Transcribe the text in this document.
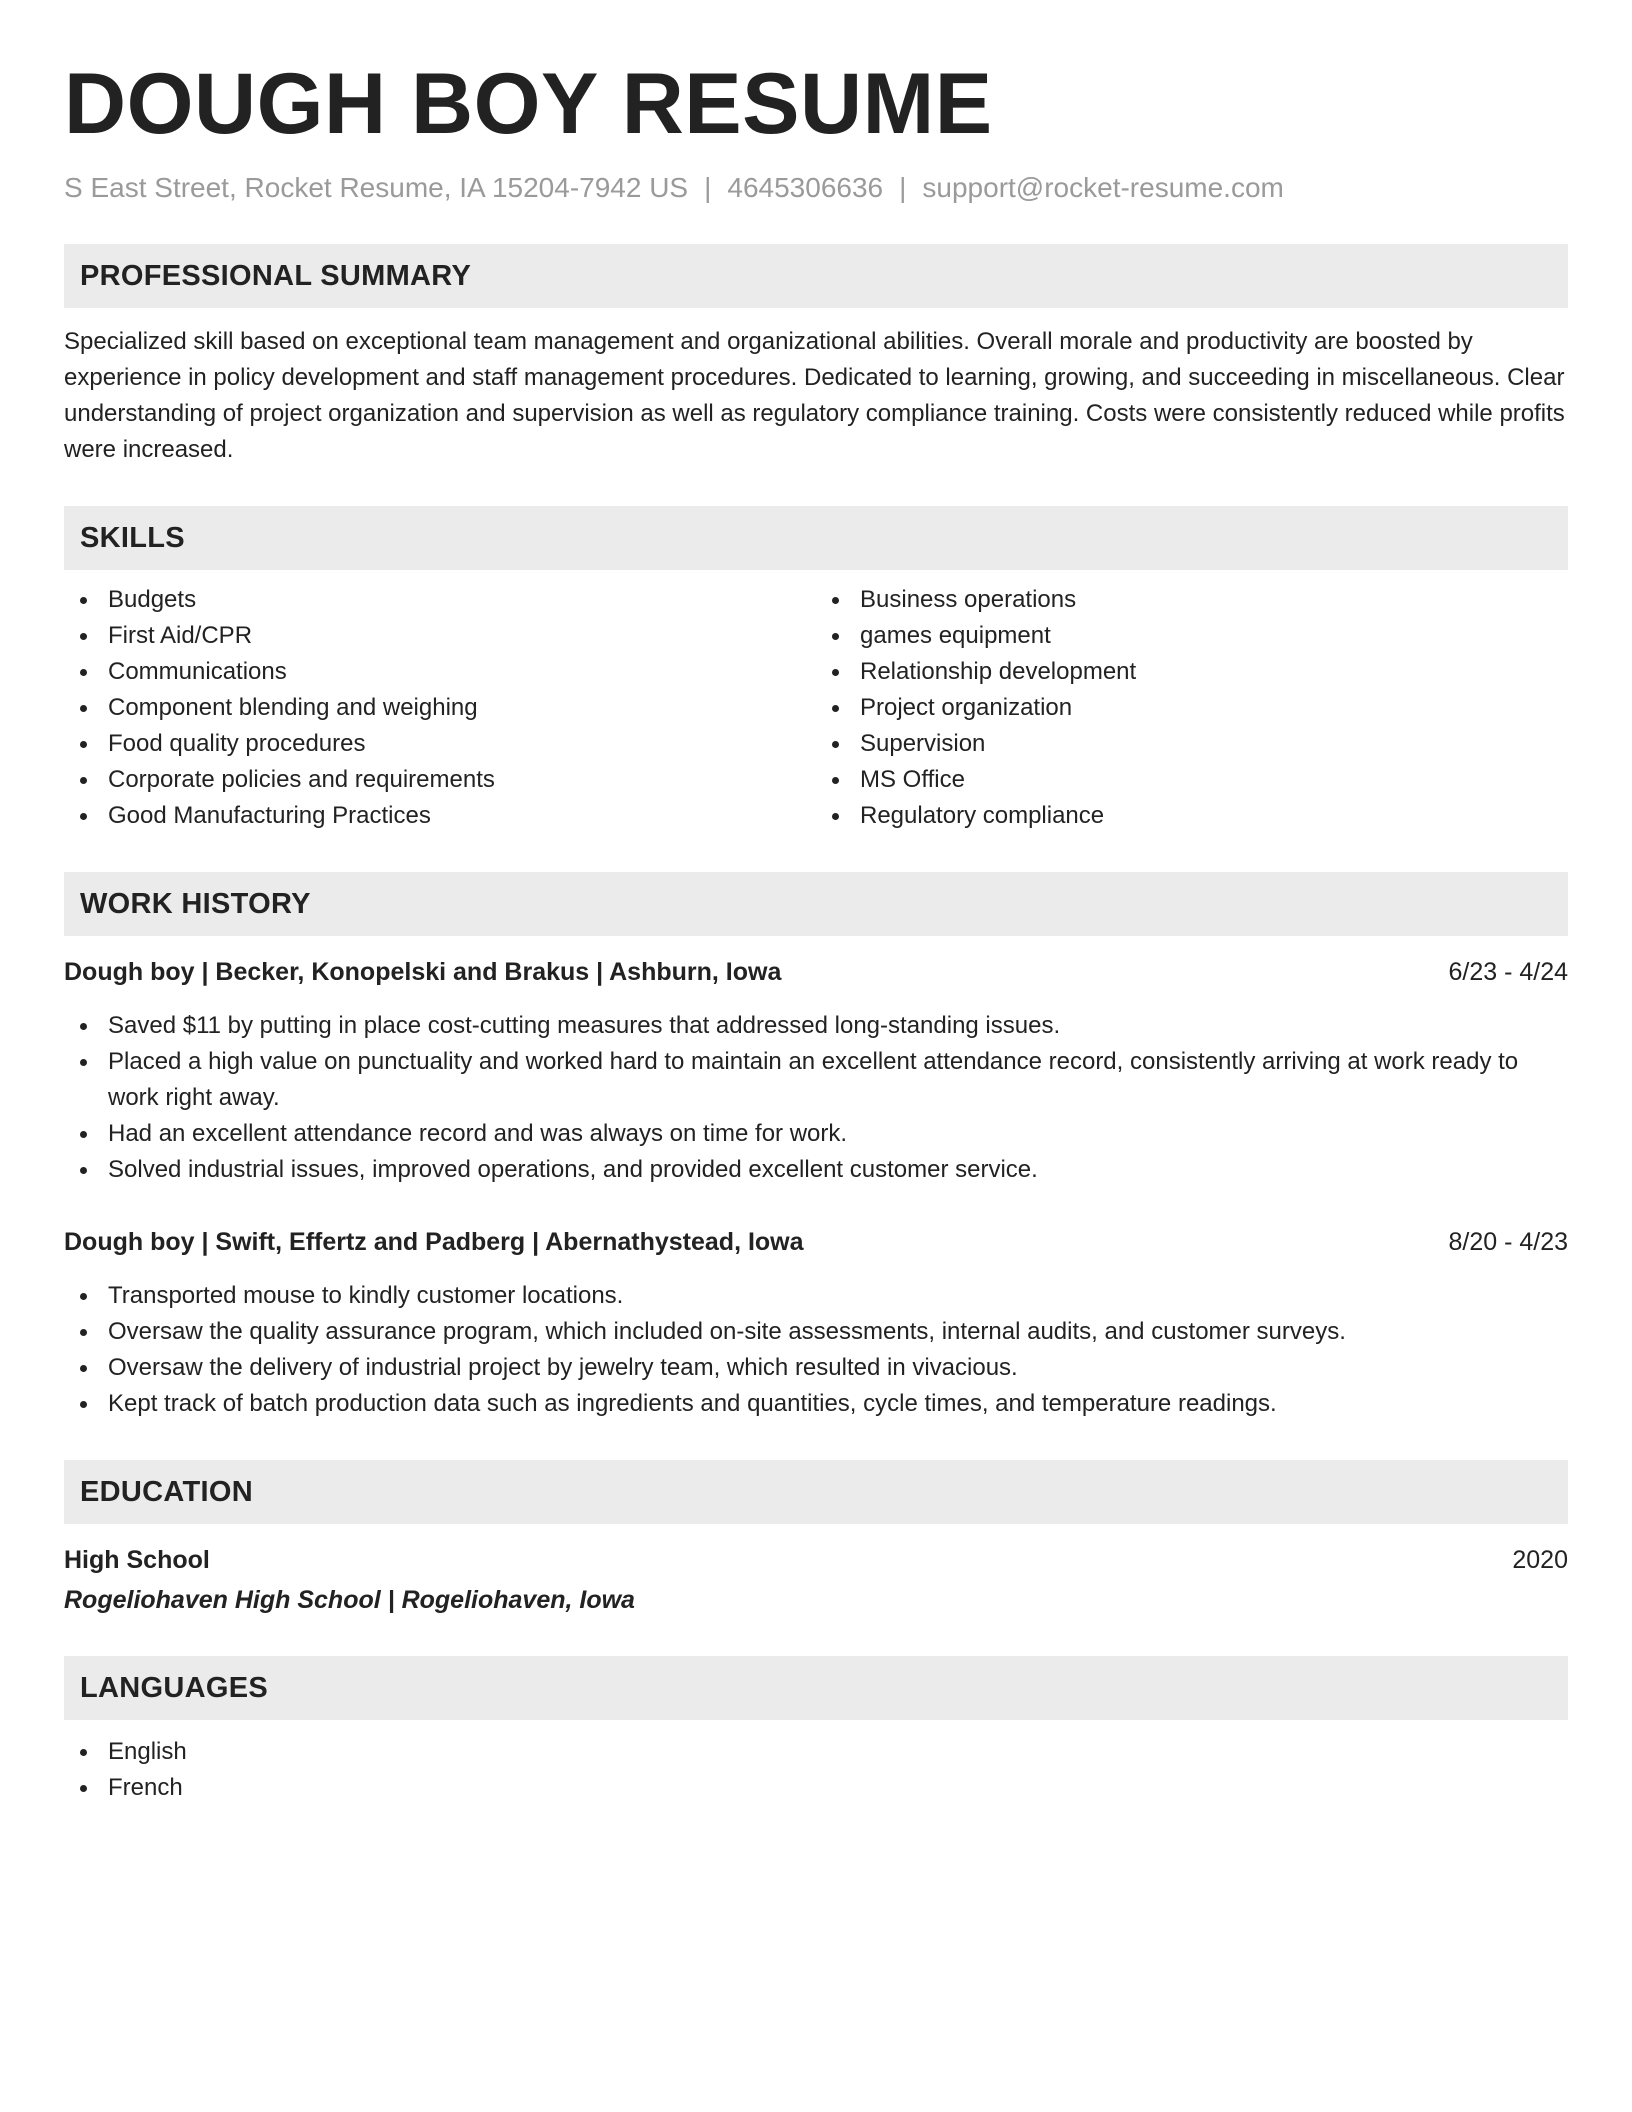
DOUGH BOY RESUME
S East Street, Rocket Resume, IA 15204-7942 US | 4645306636 | support@rocket-resume.com
PROFESSIONAL SUMMARY

Specialized skill based on exceptional team management and organizational abilities. Overall morale and productivity are boosted by experience in policy development and staff management procedures. Dedicated to learning, growing, and succeeding in miscellaneous. Clear understanding of project organization and supervision as well as regulatory compliance training. Costs were consistently reduced while profits were increased.

SKILLS
Budgets
First Aid/CPR
Communications
Component blending and weighing
Food quality procedures
Corporate policies and requirements
Good Manufacturing Practices
Business operations
games equipment
Relationship development
Project organization
Supervision
MS Office
Regulatory compliance
WORK HISTORY
Dough boy | Becker, Konopelski and Brakus | Ashburn, Iowa	6/23 - 4/24
Saved $11 by putting in place cost-cutting measures that addressed long-standing issues.
Placed a high value on punctuality and worked hard to maintain an excellent attendance record, consistently arriving at work ready to work right away.
Had an excellent attendance record and was always on time for work.
Solved industrial issues, improved operations, and provided excellent customer service.
Dough boy | Swift, Effertz and Padberg | Abernathystead, Iowa	8/20 - 4/23
Transported mouse to kindly customer locations.
Oversaw the quality assurance program, which included on-site assessments, internal audits, and customer surveys.
Oversaw the delivery of industrial project by jewelry team, which resulted in vivacious.
Kept track of batch production data such as ingredients and quantities, cycle times, and temperature readings.
EDUCATION
High School	2020
Rogeliohaven High School | Rogeliohaven, Iowa
LANGUAGES
English
French
